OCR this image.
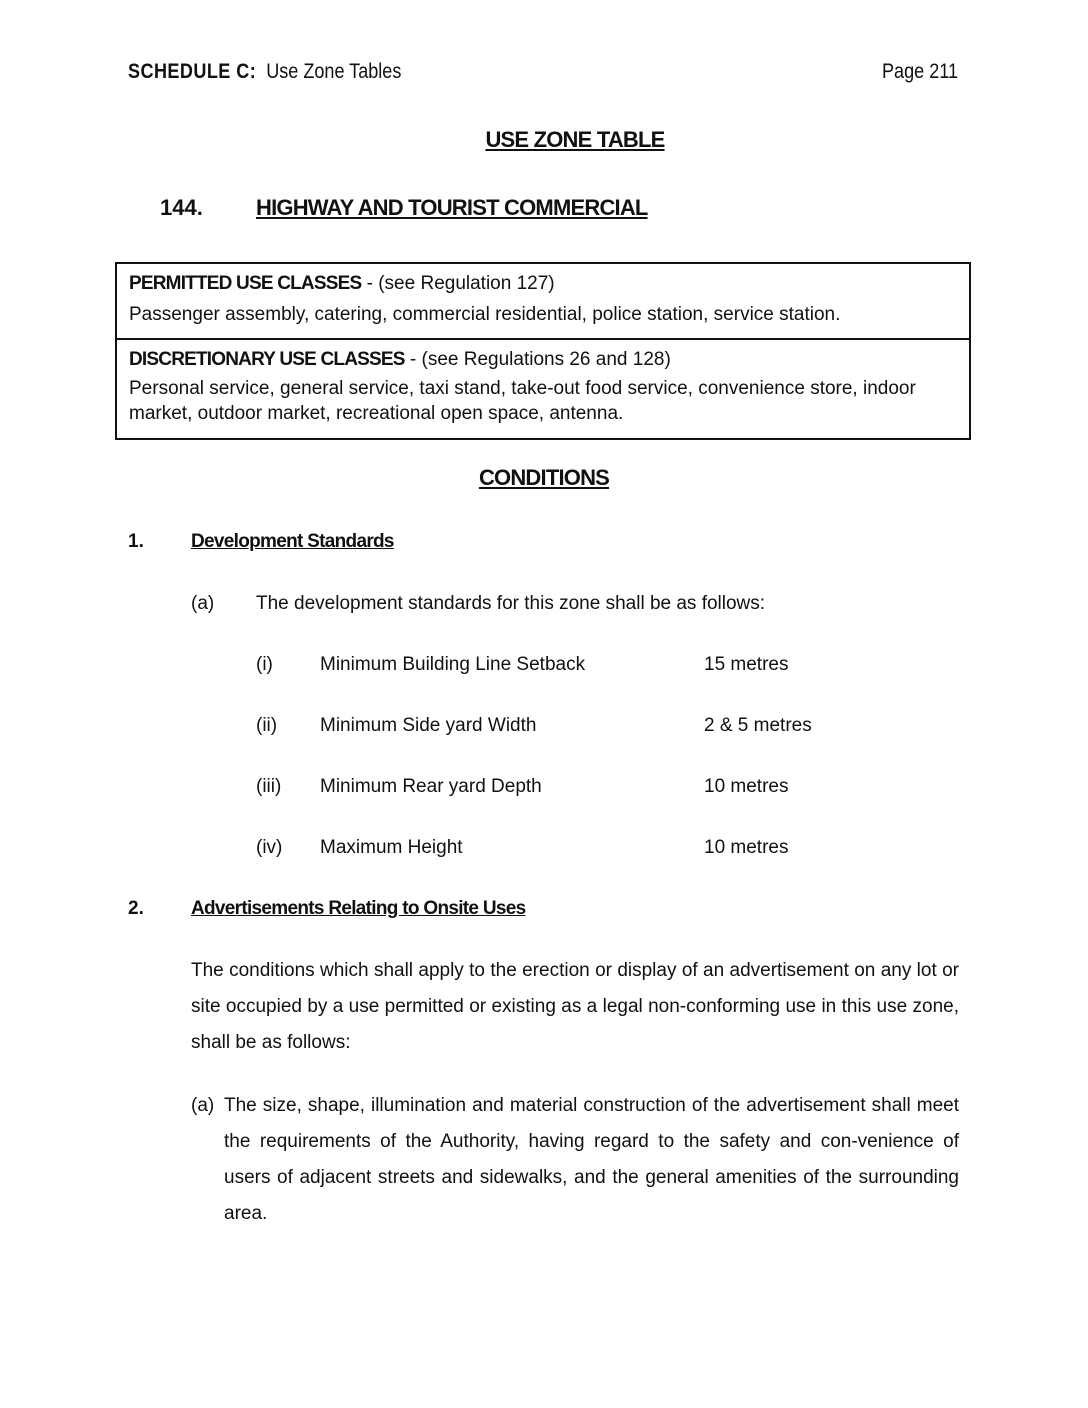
SCHEDULE C: Use Zone Tables	Page 211
USE ZONE TABLE
144. HIGHWAY AND TOURIST COMMERCIAL
PERMITTED USE CLASSES - (see Regulation 127)
Passenger assembly, catering, commercial residential, police station, service station.
DISCRETIONARY USE CLASSES - (see Regulations 26 and 128)
Personal service, general service, taxi stand, take-out food service, convenience store, indoor market, outdoor market, recreational open space, antenna.
CONDITIONS
1. Development Standards
(a) The development standards for this zone shall be as follows:
(i) Minimum Building Line Setback	15 metres
(ii) Minimum Side yard Width	2 & 5 metres
(iii) Minimum Rear yard Depth	10 metres
(iv) Maximum Height	10 metres
2. Advertisements Relating to Onsite Uses
The conditions which shall apply to the erection or display of an advertisement on any lot or site occupied by a use permitted or existing as a legal non-conforming use in this use zone, shall be as follows:
(a) The size, shape, illumination and material construction of the advertisement shall meet the requirements of the Authority, having regard to the safety and con-venience of users of adjacent streets and sidewalks, and the general amenities of the surrounding area.
